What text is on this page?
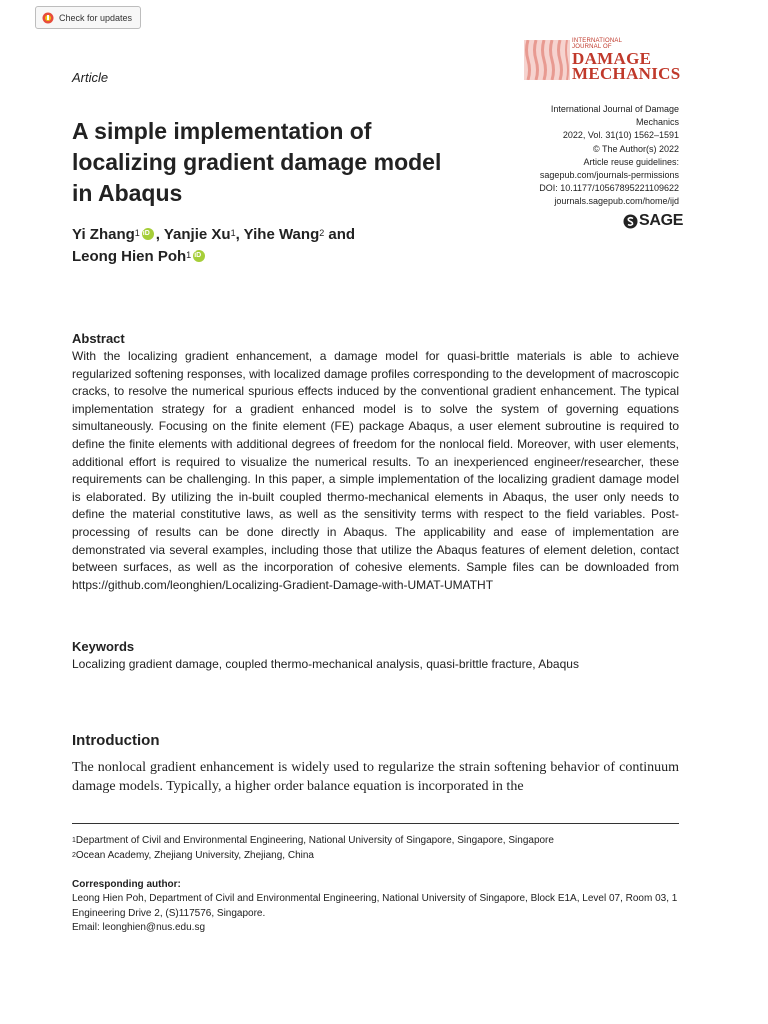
Check for updates
INTERNATIONAL
JOURNAL OF
DAMAGE
MECHANICS
Article
A simple implementation of localizing gradient damage model in Abaqus
International Journal of Damage
Mechanics
2022, Vol. 31(10) 1562–1591
© The Author(s) 2022
Article reuse guidelines:
sagepub.com/journals-permissions
DOI: 10.1177/10567895221109622
journals.sagepub.com/home/ijd
SAGE
Yi Zhang$^1$iD , Yanjie Xu$^1$, Yihe Wang$^2$ and
Leong Hien Poh$^1$iD
Abstract
With the localizing gradient enhancement, a damage model for quasi-brittle materials is able to achieve regularized softening responses, with localized damage profiles corresponding to the development of macroscopic cracks, to resolve the numerical spurious effects induced by the conventional gradient enhancement. The typical implementation strategy for a gradient enhanced model is to solve the system of governing equations simultaneously. Focusing on the finite element (FE) package Abaqus, a user element subroutine is required to define the finite elements with additional degrees of freedom for the nonlocal field. Moreover, with user elements, additional effort is required to visualize the numerical results. To an inexperienced engineer/researcher, these requirements can be challenging. In this paper, a simple implementation of the localizing gradient damage model is elaborated. By utilizing the in-built coupled thermo-mechanical elements in Abaqus, the user only needs to define the material constitutive laws, as well as the sensitivity terms with respect to the field variables. Post-processing of results can be done directly in Abaqus. The applicability and ease of implementation are demonstrated via several examples, including those that utilize the Abaqus features of element deletion, contact between surfaces, as well as the incorporation of cohesive elements. Sample files can be downloaded from https://github.com/leonghien/Localizing-Gradient-Damage-with-UMAT-UMATHT
Keywords
Localizing gradient damage, coupled thermo-mechanical analysis, quasi-brittle fracture, Abaqus
Introduction
The nonlocal gradient enhancement is widely used to regularize the strain softening behavior of continuum damage models. Typically, a higher order balance equation is incorporated in the
$^1$Department of Civil and Environmental Engineering, National University of Singapore, Singapore, Singapore
$^2$Ocean Academy, Zhejiang University, Zhejiang, China
Corresponding author:
Leong Hien Poh, Department of Civil and Environmental Engineering, National University of Singapore, Block E1A, Level 07, Room 03, 1 Engineering Drive 2, (S)117576, Singapore.
Email: leonghien@nus.edu.sg
